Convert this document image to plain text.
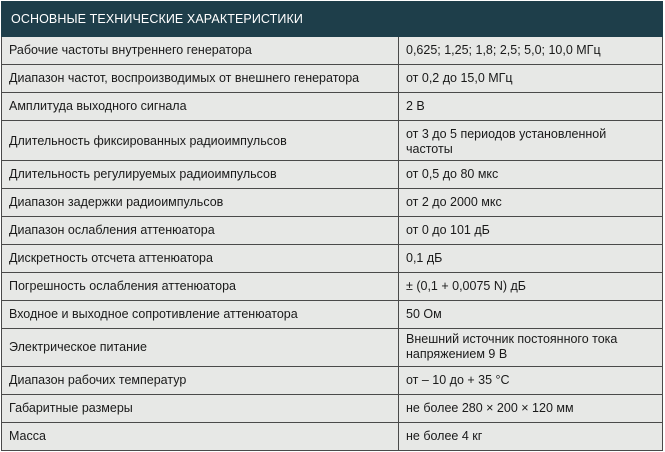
ОСНОВНЫЕ ТЕХНИЧЕСКИЕ ХАРАКТЕРИСТИКИ	
Рабочие частоты внутреннего генератора	0,625; 1,25; 1,8; 2,5; 5,0; 10,0 МГц
Диапазон частот, воспроизводимых от внешнего генератора	от 0,2 до 15,0 МГц
Амплитуда выходного сигнала	2 В
Длительность фиксированных радиоимпульсов	от 3 до 5 периодов установленной частоты
Длительность регулируемых радиоимпульсов	от 0,5 до 80 мкс
Диапазон задержки радиоимпульсов	от 2 до 2000 мкс
Диапазон ослабления аттенюатора	от 0 до 101 дБ
Дискретность отсчета аттенюатора	0,1 дБ
Погрешность ослабления аттенюатора	± (0,1 + 0,0075 N) дБ
Входное и выходное сопротивление аттенюатора	50 Ом
Электрическое питание	Внешний источник постоянного тока напряжением 9 В
Диапазон рабочих температур	от – 10 до + 35 °С
Габаритные размеры	не более 280 × 200 × 120 мм
Масса	не более 4 кг
